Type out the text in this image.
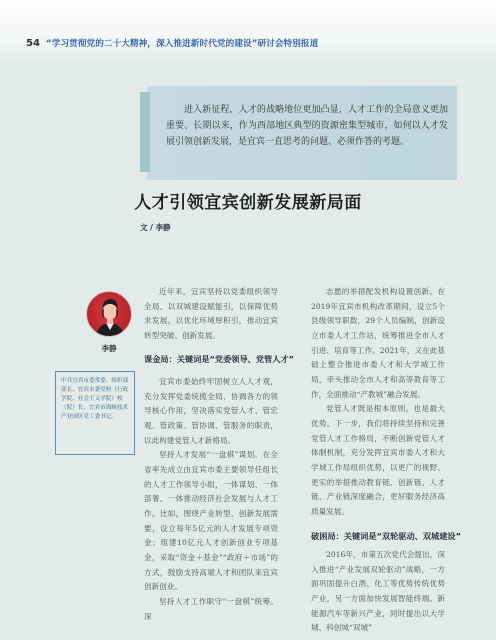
54 “学习贯彻党的二十大精神，深入推进新时代党的建设”研讨会特别报道
进入新征程，人才的战略地位更加凸显，人才工作的全局意义更加重要。长期以来，作为西部地区典型的资源密集型城市，如何以人才发展引领创新发展，是宜宾一直思考的问题、必须作答的考题。
人才引领宜宾创新发展新局面
文 / 李静
李静
中共宜宾市委常委、组织部部长，宜宾市委党校（行政学院、社会主义学院）校（院）长，宜宾市海峡技术产业园区党工委书记。

近年来，宜宾坚持以党委组织领导全局、以双城建设赋能引，以保障优势求发展，以优化环境厚积引，推动宜宾转型突破、创新发展。

课金局：关键词是“党委领导、党管人才”

宜宾市委始终牢固树立人人才观，充分发挥党委统揽全局、协调各方的领导核心作用，坚决落实党管人才、管宏观、管政策、管协调、管服务的职责，以此构建党管人才新格局。

坚持人才发展“一盘棋”谋划。在全省率先成立由宜宾市委主要领导任组长的人才工作领导小组，一体谋划、一体部署、一体推动经济社会发展与人才工作。比如，围绕产业转型、创新发展需要，设立每年5亿元的人才发展专项资金；组建10亿元人才创新创业专项基金，采取“资金＋基金”“政府＋市场”的方式，鼓励支持高端人才和团队来宜宾创新创业。

坚持人才工作职守“一盘棋”统筹。深

志愿的举措配发机构设置创新。在2019年宜宾市机构改革期间，设立5个县级领导职数，29个人员编制，创新设立市委人才工作站，统筹推进全市人才引进、培育等工作。2021年，又在此基础上整合推进市委人才和大学城工作局，牵头推动全市人才和高等教育等工作，全面推动“产教城”融合发展。

党管人才既是根本原则，也是最大优势。下一步，我们将持续坚持和完善党管人才工作格局，不断创新党管人才体制机制，充分发挥宜宾市委人才和大学城工作局组织优势，以更广的视野、更实的举措推动教育链、创新链、人才链、产业链深度融合，更好服务经济高质量发展。

破困局：关键词是“双轮驱动、双城建设”

2016年，市第五次党代会提出，深入推进“产业发展双轮驱动”战略，一方面巩固提升白酒、化工等优势传统优势产业，另一方面加快发展智能终端、新能源汽车等新兴产业，同时提出以大学城、科创城“双城”
